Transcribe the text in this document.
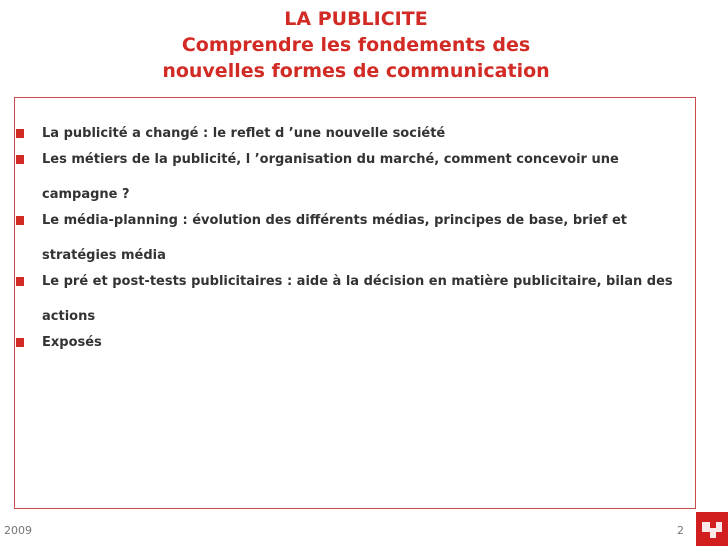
LA PUBLICITE
Comprendre les fondements des
nouvelles formes de communication
La publicité a changé : le reflet d ’une nouvelle société
Les métiers de la publicité, l ’organisation du marché, comment concevoir une campagne ?
Le média-planning : évolution des différents médias, principes de base, brief et stratégies média
Le pré et post-tests publicitaires : aide à la décision en matière publicitaire, bilan des actions
Exposés
2009	2
